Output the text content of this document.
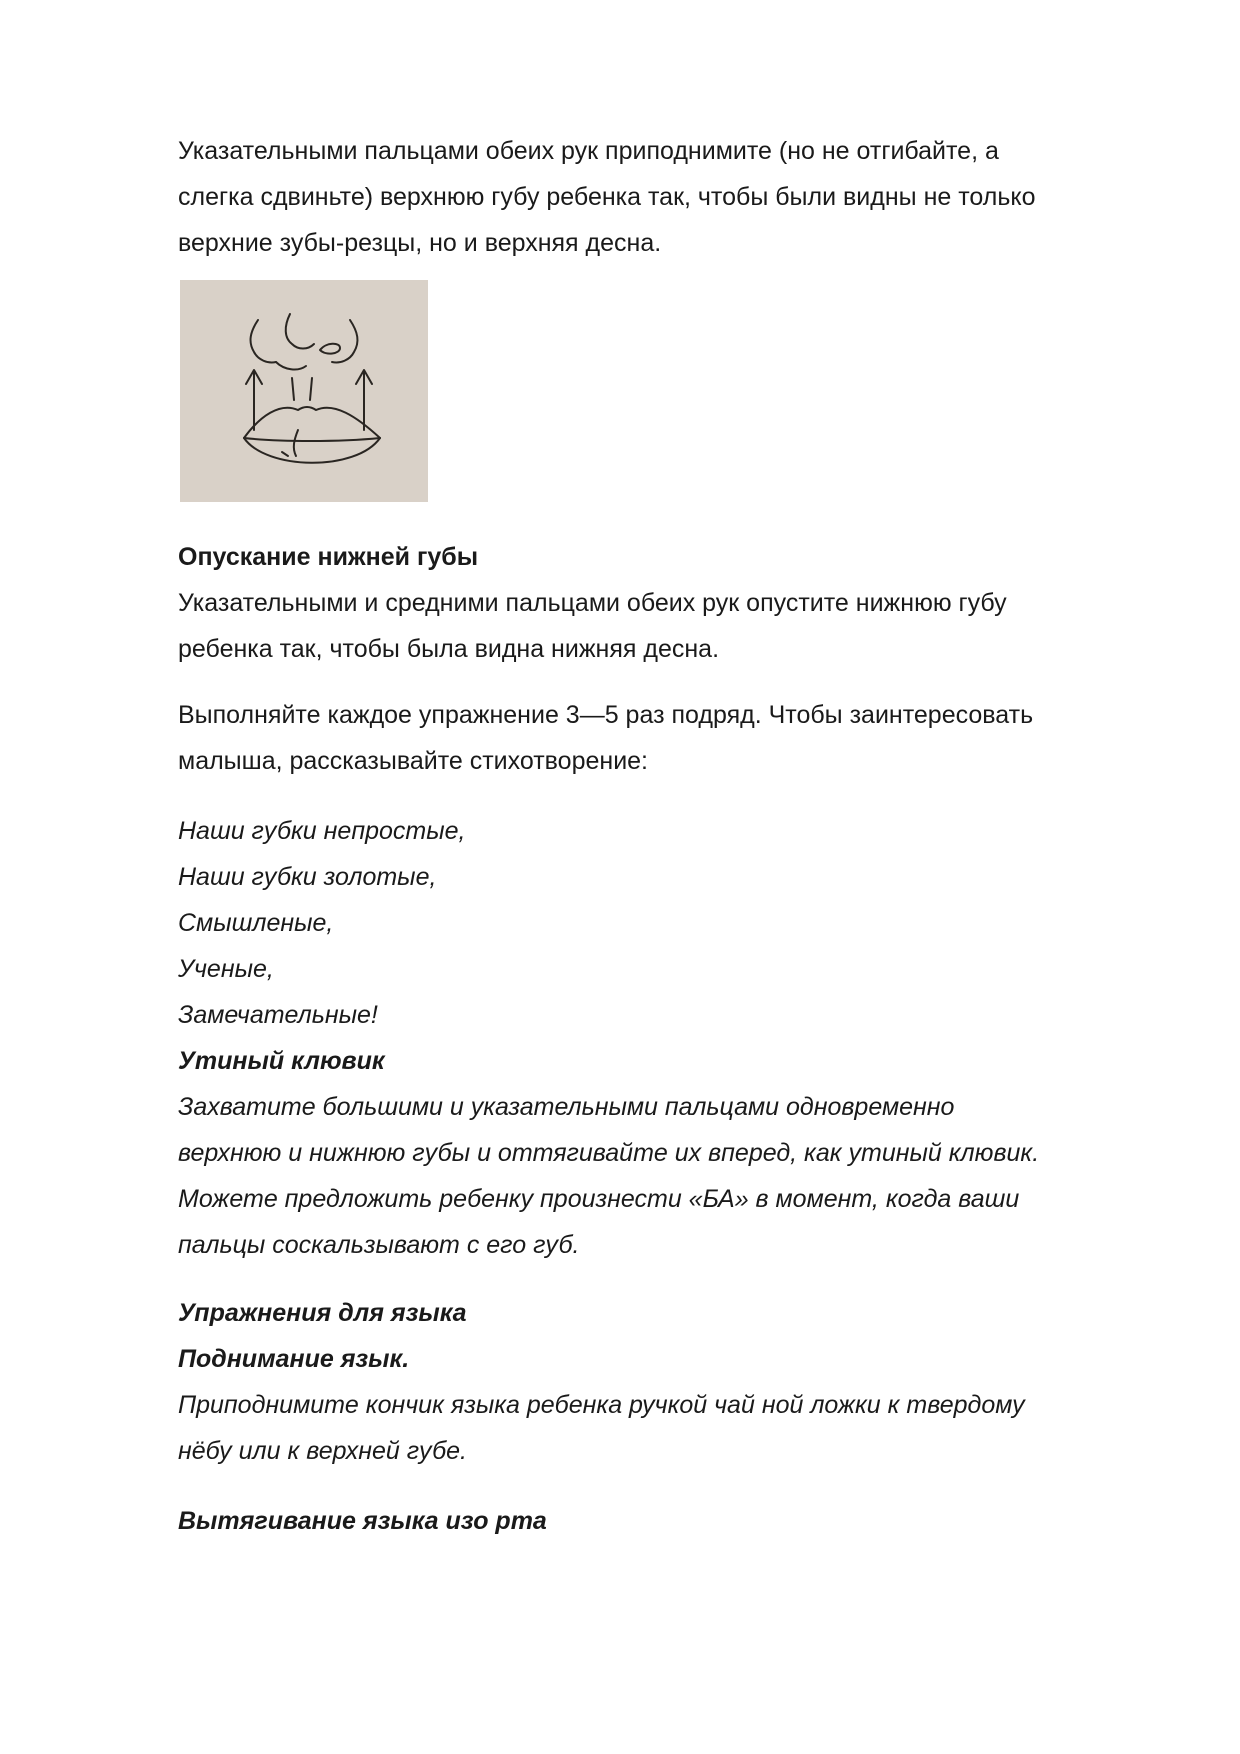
Указательными пальцами обеих рук приподнимите (но не отгибайте, а
слегка сдвиньте) верхнюю губу ребенка так, чтобы были видны не только
верхние зубы-резцы, но и верхняя десна.

Опускание нижней губы
Указательными и средними пальцами обеих рук опустите нижнюю губу
ребенка так, чтобы была видна нижняя десна.

Выполняйте каждое упражнение 3—5 раз подряд. Чтобы заинтересовать
малыша, рассказывайте стихотворение:

Наши губки непростые,
Наши губки золотые,
Смышленые,
Ученые,
Замечательные!
Утиный клювик
Захватите большими и указательными пальцами одновременно
верхнюю и нижнюю губы и оттягивайте их вперед, как утиный клювик.
Можете предложить ребенку произнести «БА» в момент, когда ваши
пальцы соскальзывают с его губ.

Упражнения для языка
Поднимание язык.
Приподнимите кончик языка ребенка ручкой чай ной ложки к твердому
нёбу или к верхней губе.

Вытягивание языка изо рта
